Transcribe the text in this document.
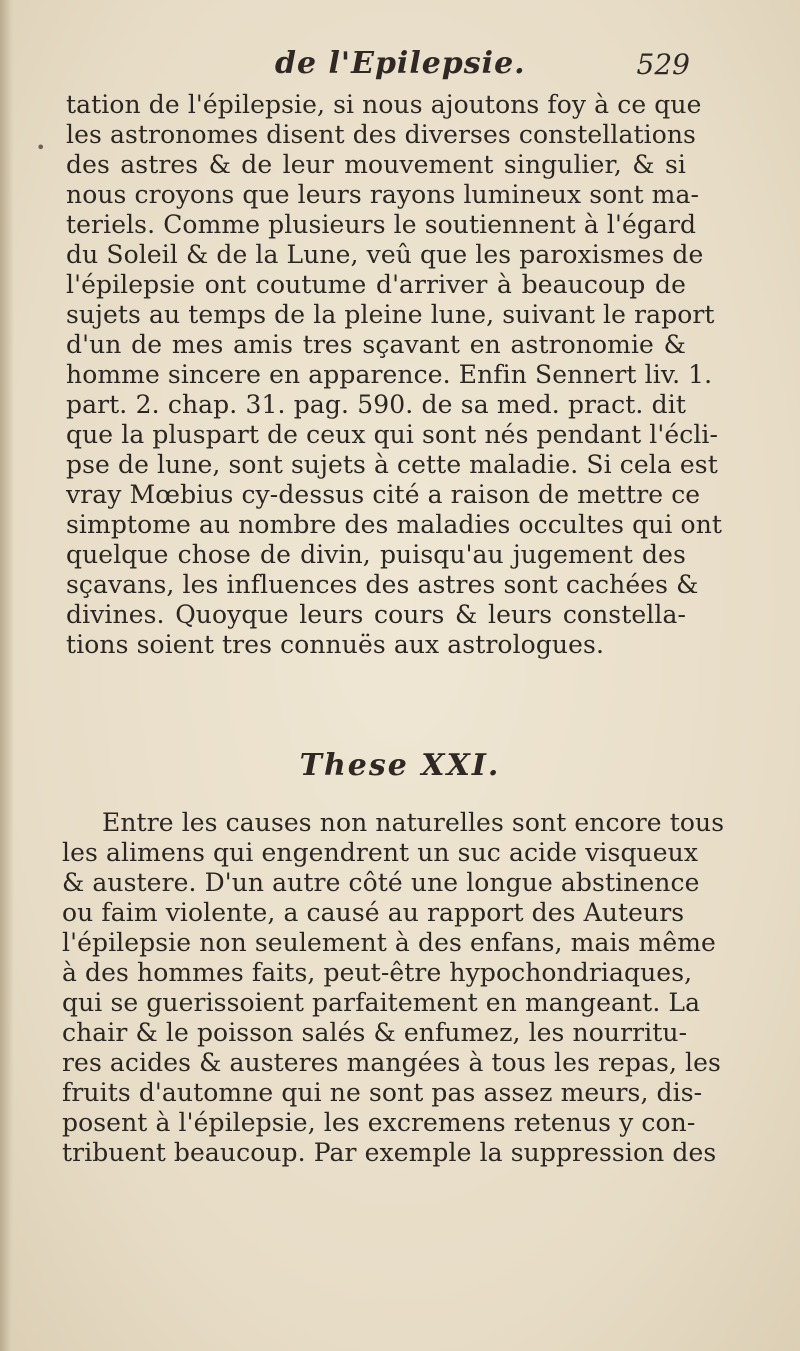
de l'Epilepsie.	529
•
tation de l'épilepsie, si nous ajoutons foy à ce que
les astronomes disent des diverses constellations
des astres & de leur mouvement singulier, & si
nous croyons que leurs rayons lumineux sont ma-
teriels. Comme plusieurs le soutiennent à l'égard
du Soleil & de la Lune, veû que les paroxismes de
l'épilepsie ont coutume d'arriver à beaucoup de
sujets au temps de la pleine lune, suivant le raport
d'un de mes amis tres sçavant en astronomie &
homme sincere en apparence. Enfin Sennert liv. 1.
part. 2. chap. 31. pag. 590. de sa med. pract. dit
que la pluspart de ceux qui sont nés pendant l'écli-
pse de lune, sont sujets à cette maladie. Si cela est
vray Mœbius cy-dessus cité a raison de mettre ce
simptome au nombre des maladies occultes qui ont
quelque chose de divin, puisqu'au jugement des
sçavans, les influences des astres sont cachées &
divines. Quoyque leurs cours & leurs constella-
tions soient tres connuës aux astrologues.
These XXI.
Entre les causes non naturelles sont encore tous
les alimens qui engendrent un suc acide visqueux
& austere. D'un autre côté une longue abstinence
ou faim violente, a causé au rapport des Auteurs
l'épilepsie non seulement à des enfans, mais même
à des hommes faits, peut-être hypochondriaques,
qui se guerissoient parfaitement en mangeant. La
chair & le poisson salés & enfumez, les nourritu-
res acides & austeres mangées à tous les repas, les
fruits d'automne qui ne sont pas assez meurs, dis-
posent à l'épilepsie, les excremens retenus y con-
tribuent beaucoup. Par exemple la suppression des
